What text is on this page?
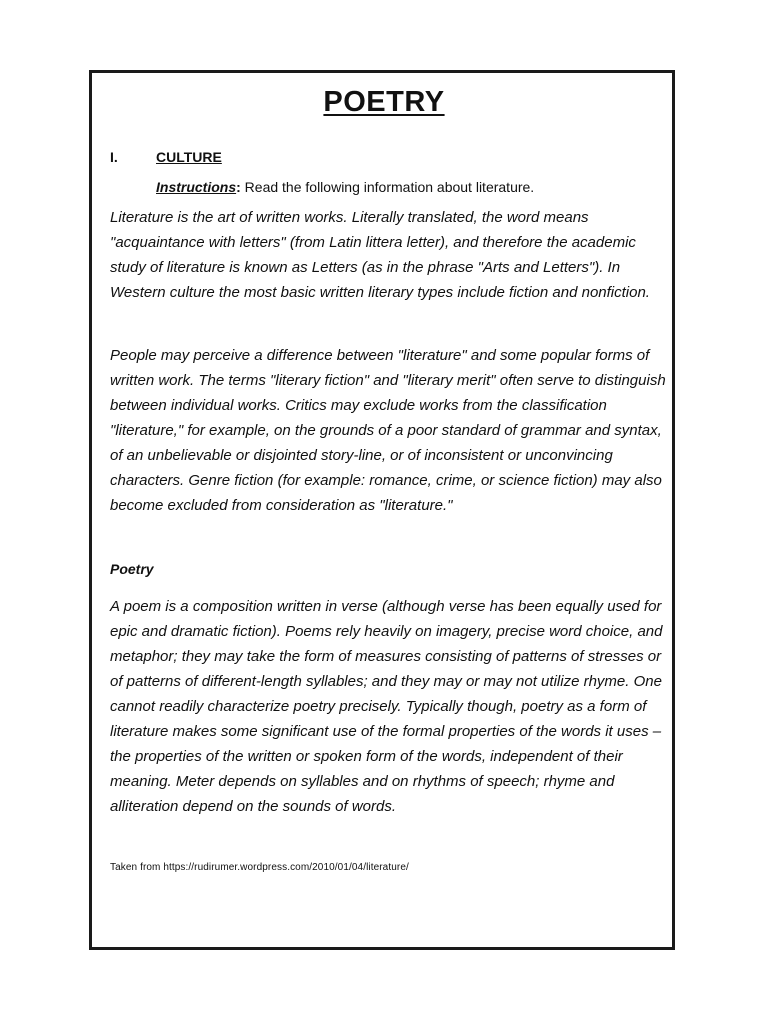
POETRY
I.	CULTURE
Instructions: Read the following information about literature.

Literature is the art of written works. Literally translated, the word means "acquaintance with letters" (from Latin littera letter), and therefore the academic study of literature is known as Letters (as in the phrase "Arts and Letters"). In Western culture the most basic written literary types include fiction and nonfiction.

People may perceive a difference between "literature" and some popular forms of written work. The terms "literary fiction" and "literary merit" often serve to distinguish between individual works. Critics may exclude works from the classification "literature," for example, on the grounds of a poor standard of grammar and syntax, of an unbelievable or disjointed story-line, or of inconsistent or unconvincing characters. Genre fiction (for example: romance, crime, or science fiction) may also become excluded from consideration as "literature."

Poetry

A poem is a composition written in verse (although verse has been equally used for epic and dramatic fiction). Poems rely heavily on imagery, precise word choice, and metaphor; they may take the form of measures consisting of patterns of stresses or of patterns of different-length syllables; and they may or may not utilize rhyme. One cannot readily characterize poetry precisely. Typically though, poetry as a form of literature makes some significant use of the formal properties of the words it uses – the properties of the written or spoken form of the words, independent of their meaning. Meter depends on syllables and on rhythms of speech; rhyme and alliteration depend on the sounds of words.

Taken from https://rudirumer.wordpress.com/2010/01/04/literature/
